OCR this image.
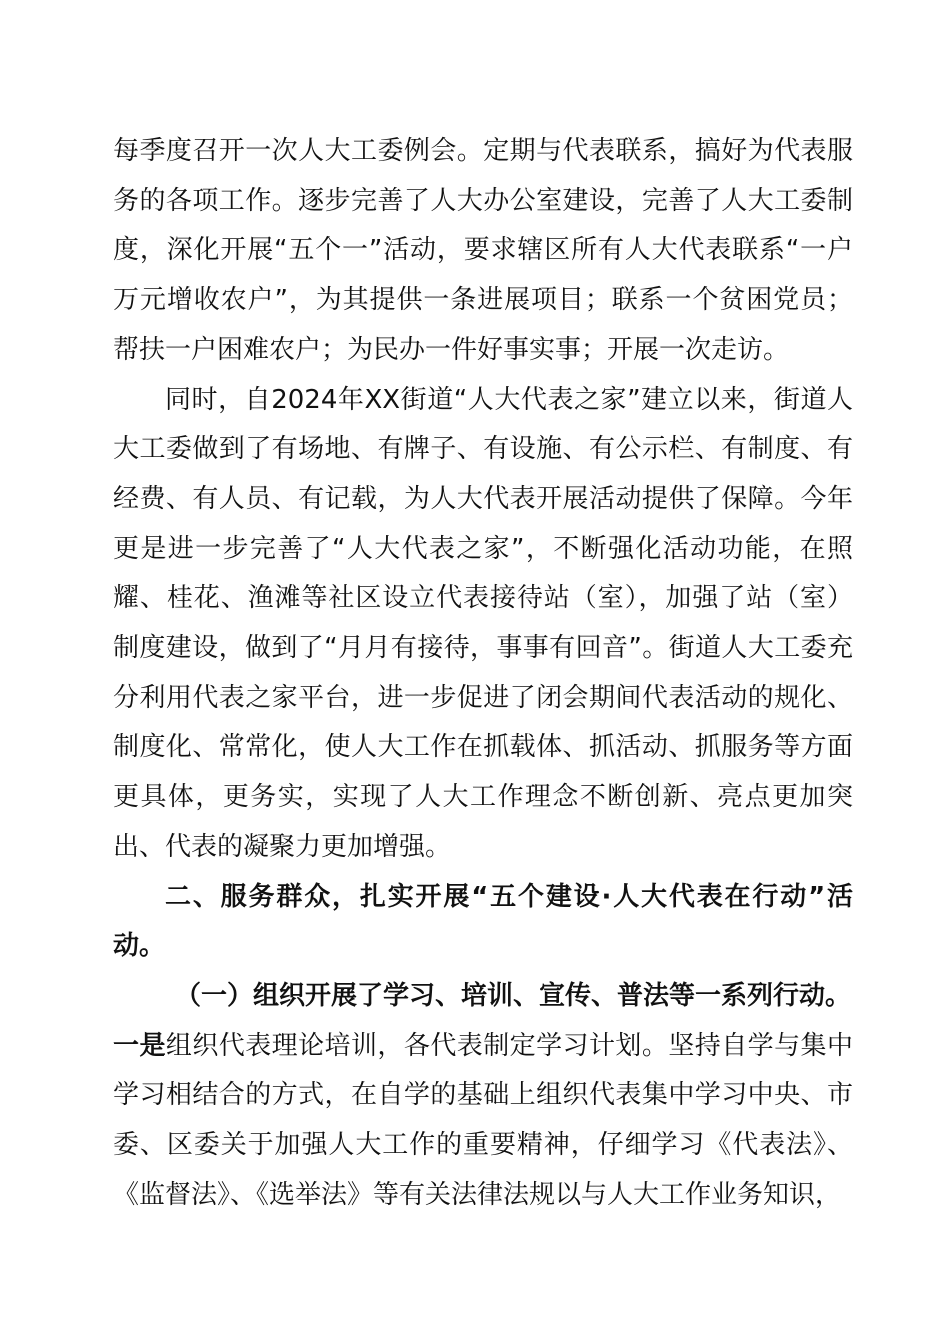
每季度召开一次人大工委例会。定期与代表联系，搞好为代表服务的各项工作。逐步完善了人大办公室建设，完善了人大工委制度，深化开展“五个一”活动，要求辖区所有人大代表联系“一户万元增收农户”，为其提供一条进展项目；联系一个贫困党员；帮扶一户困难农户；为民办一件好事实事；开展一次走访。

同时，自2024年XX街道“人大代表之家”建立以来，街道人大工委做到了有场地、有牌子、有设施、有公示栏、有制度、有经费、有人员、有记载，为人大代表开展活动提供了保障。今年更是进一步完善了“人大代表之家”，不断强化活动功能，在照耀、桂花、渔滩等社区设立代表接待站（室），加强了站（室）制度建设，做到了“月月有接待，事事有回音”。街道人大工委充分利用代表之家平台，进一步促进了闭会期间代表活动的规化、制度化、常常化，使人大工作在抓载体、抓活动、抓服务等方面更具体，更务实，实现了人大工作理念不断创新、亮点更加突出、代表的凝聚力更加增强。

二、服务群众，扎实开展“五个建设·人大代表在行动”活动。

（一）组织开展了学习、培训、宣传、普法等一系列行动。

一是组织代表理论培训，各代表制定学习计划。坚持自学与集中学习相结合的方式，在自学的基础上组织代表集中学习中央、市委、区委关于加强人大工作的重要精神，仔细学习《代表法》、《监督法》、《选举法》等有关法律法规以与人大工作业务知识，
